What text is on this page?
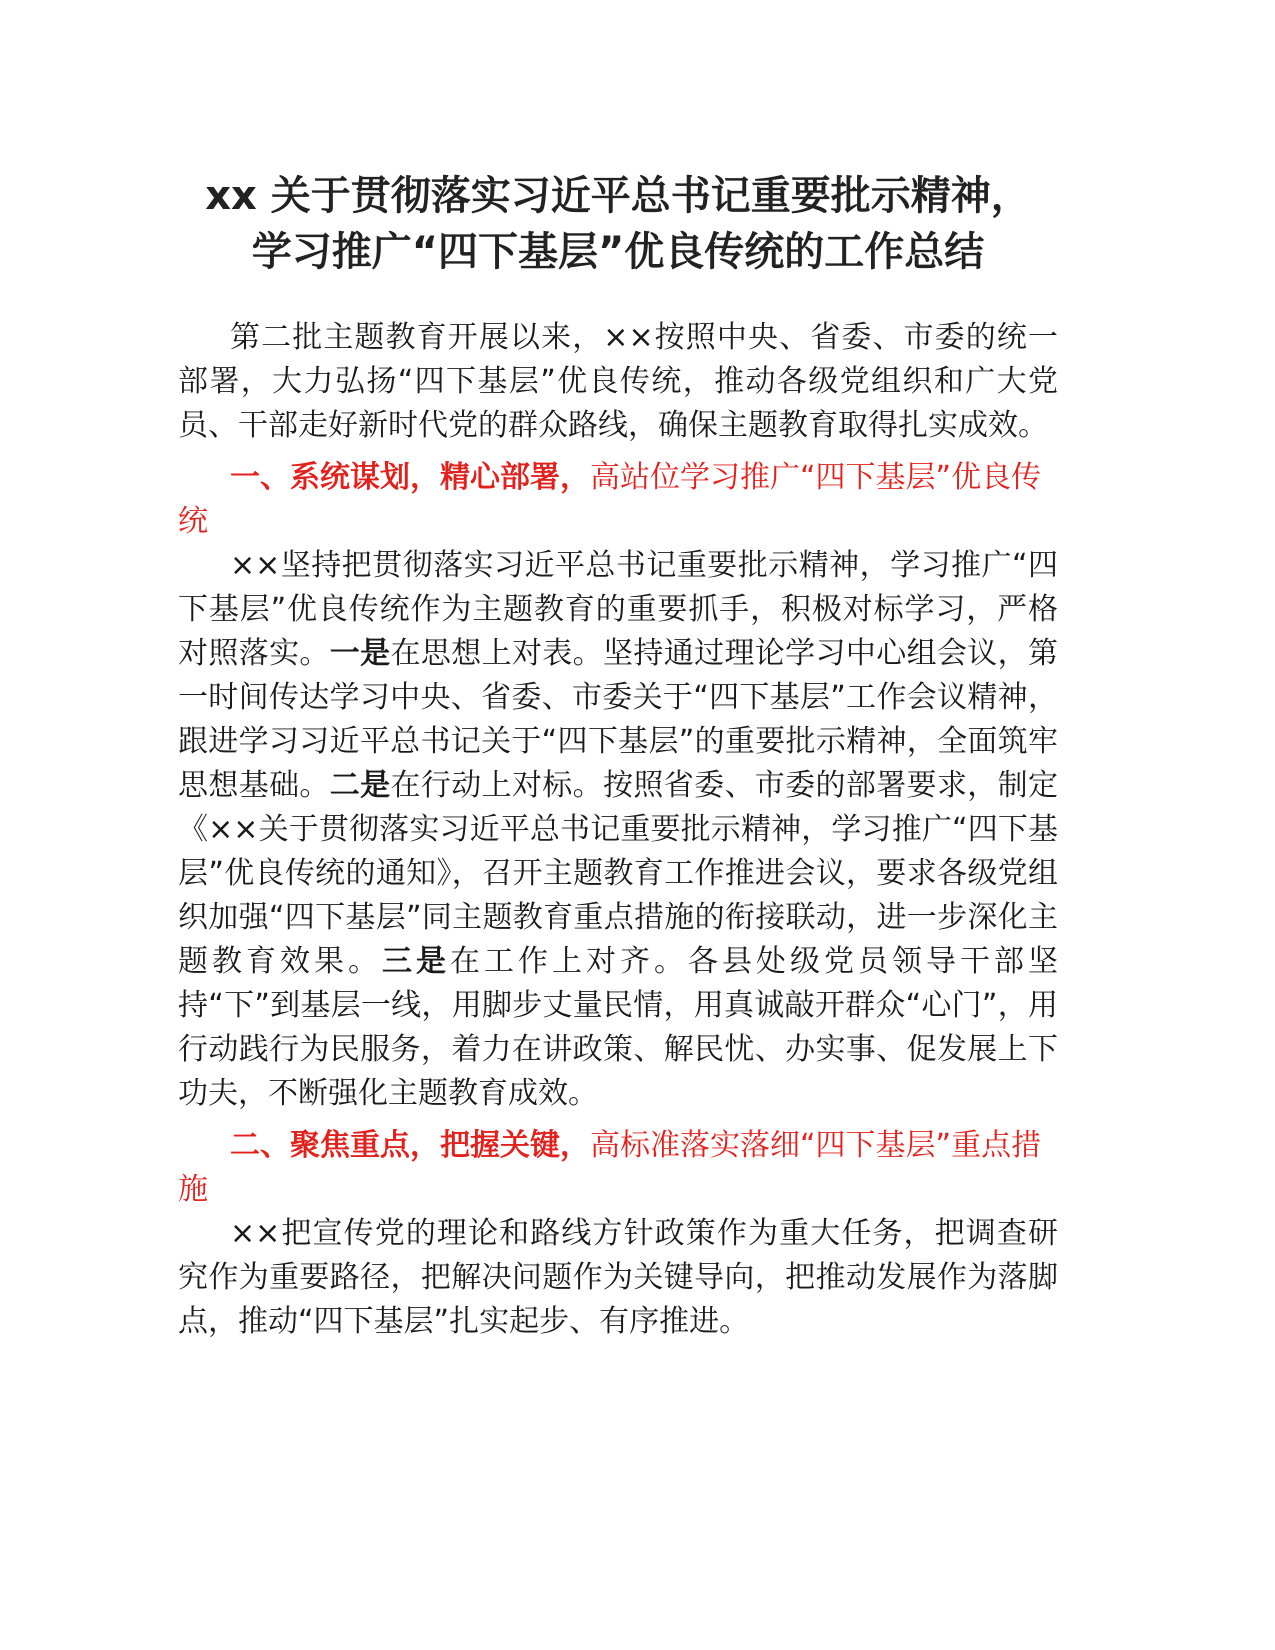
xx 关于贯彻落实习近平总书记重要批示精神，
学习推广“四下基层”优良传统的工作总结

第二批主题教育开展以来，××按照中央、省委、市委的统一部署，大力弘扬“四下基层”优良传统，推动各级党组织和广大党员、干部走好新时代党的群众路线，确保主题教育取得扎实成效。

一、系统谋划，精心部署，高站位学习推广“四下基层”优良传统

××坚持把贯彻落实习近平总书记重要批示精神，学习推广“四下基层”优良传统作为主题教育的重要抓手，积极对标学习，严格对照落实。一是在思想上对表。坚持通过理论学习中心组会议，第一时间传达学习中央、省委、市委关于“四下基层”工作会议精神，跟进学习习近平总书记关于“四下基层”的重要批示精神，全面筑牢思想基础。二是在行动上对标。按照省委、市委的部署要求，制定《××关于贯彻落实习近平总书记重要批示精神，学习推广“四下基层”优良传统的通知》，召开主题教育工作推进会议，要求各级党组织加强“四下基层”同主题教育重点措施的衔接联动，进一步深化主题教育效果。三是在工作上对齐。各县处级党员领导干部坚持“下”到基层一线，用脚步丈量民情，用真诚敲开群众“心门”，用行动践行为民服务，着力在讲政策、解民忧、办实事、促发展上下功夫，不断强化主题教育成效。

二、聚焦重点，把握关键，高标准落实落细“四下基层”重点措施

××把宣传党的理论和路线方针政策作为重大任务，把调查研究作为重要路径，把解决问题作为关键导向，把推动发展作为落脚点，推动“四下基层”扎实起步、有序推进。
